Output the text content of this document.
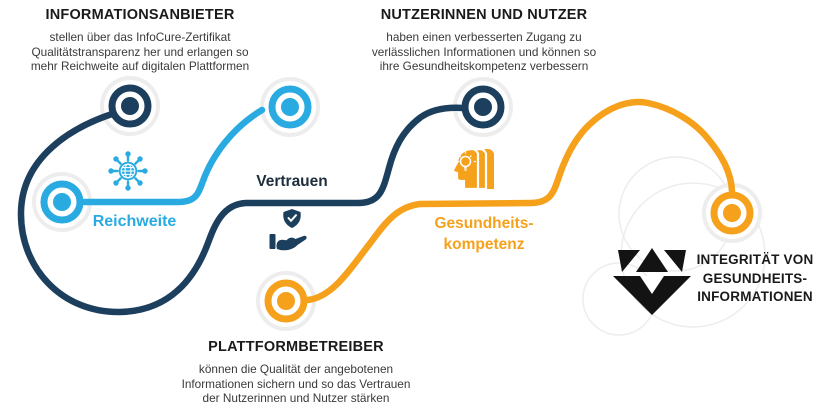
INFORMATIONSANBIETER
stellen über das InfoCure-Zertifikat
Qualitätstransparenz her und erlangen so
mehr Reichweite auf digitalen Plattformen
NUTZERINNEN UND NUTZER
haben einen verbesserten Zugang zu
verlässlichen Informationen und können so
ihre Gesundheitskompetenz verbessern
PLATTFORMBETREIBER
können die Qualität der angebotenen
Informationen sichern und so das Vertrauen
der Nutzerinnen und Nutzer stärken
Reichweite
Vertrauen
Gesundheits-
kompetenz
INTEGRITÄT VON
GESUNDHEITS-
INFORMATIONEN
